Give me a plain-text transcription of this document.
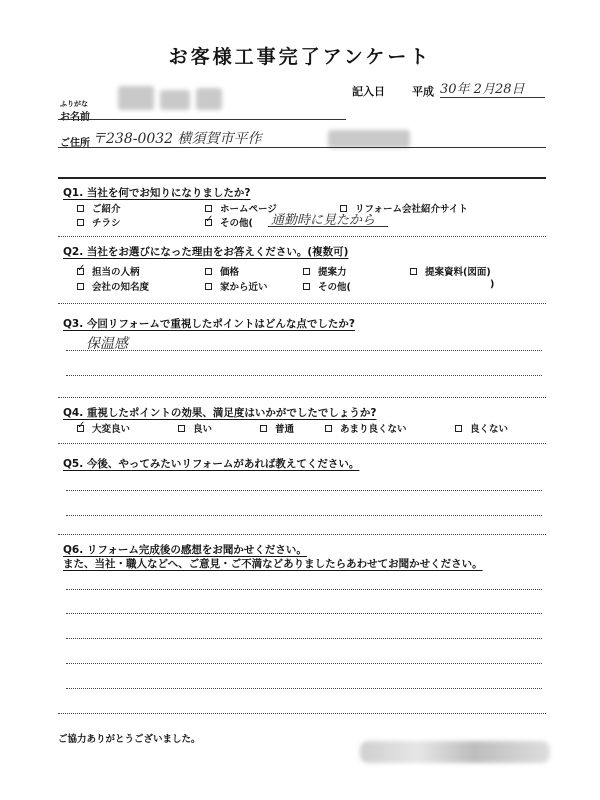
お客様工事完了アンケート
記入日 平成 30年 2月28日
ふりがな
お名前
ご住所 〒238-0032 横須賀市平作
Q1. 当社を何でお知りになりましたか?
ご紹介	ホームページ	リフォーム会社紹介サイト
チラシ
✓	その他( 通勤時に見たから
Q2. 当社をお選びになった理由をお答えください。(複数可)
✓
担当の人柄	価格	提案力	提案資料(図面)
会社の知名度	家から近い	その他(	)
Q3. 今回リフォームで重視したポイントはどんな点でしたか?
保温感
Q4. 重視したポイントの効果、満足度はいかがでしたでしょうか?
✓
大変良い	良い	普通	あまり良くない	良くない
Q5. 今後、やってみたいリフォームがあれば教えてください。
Q6. リフォーム完成後の感想をお聞かせください。
また、当社・職人などへ、ご意見・ご不満などありましたらあわせてお聞かせください。
ご協力ありがとうございました。
